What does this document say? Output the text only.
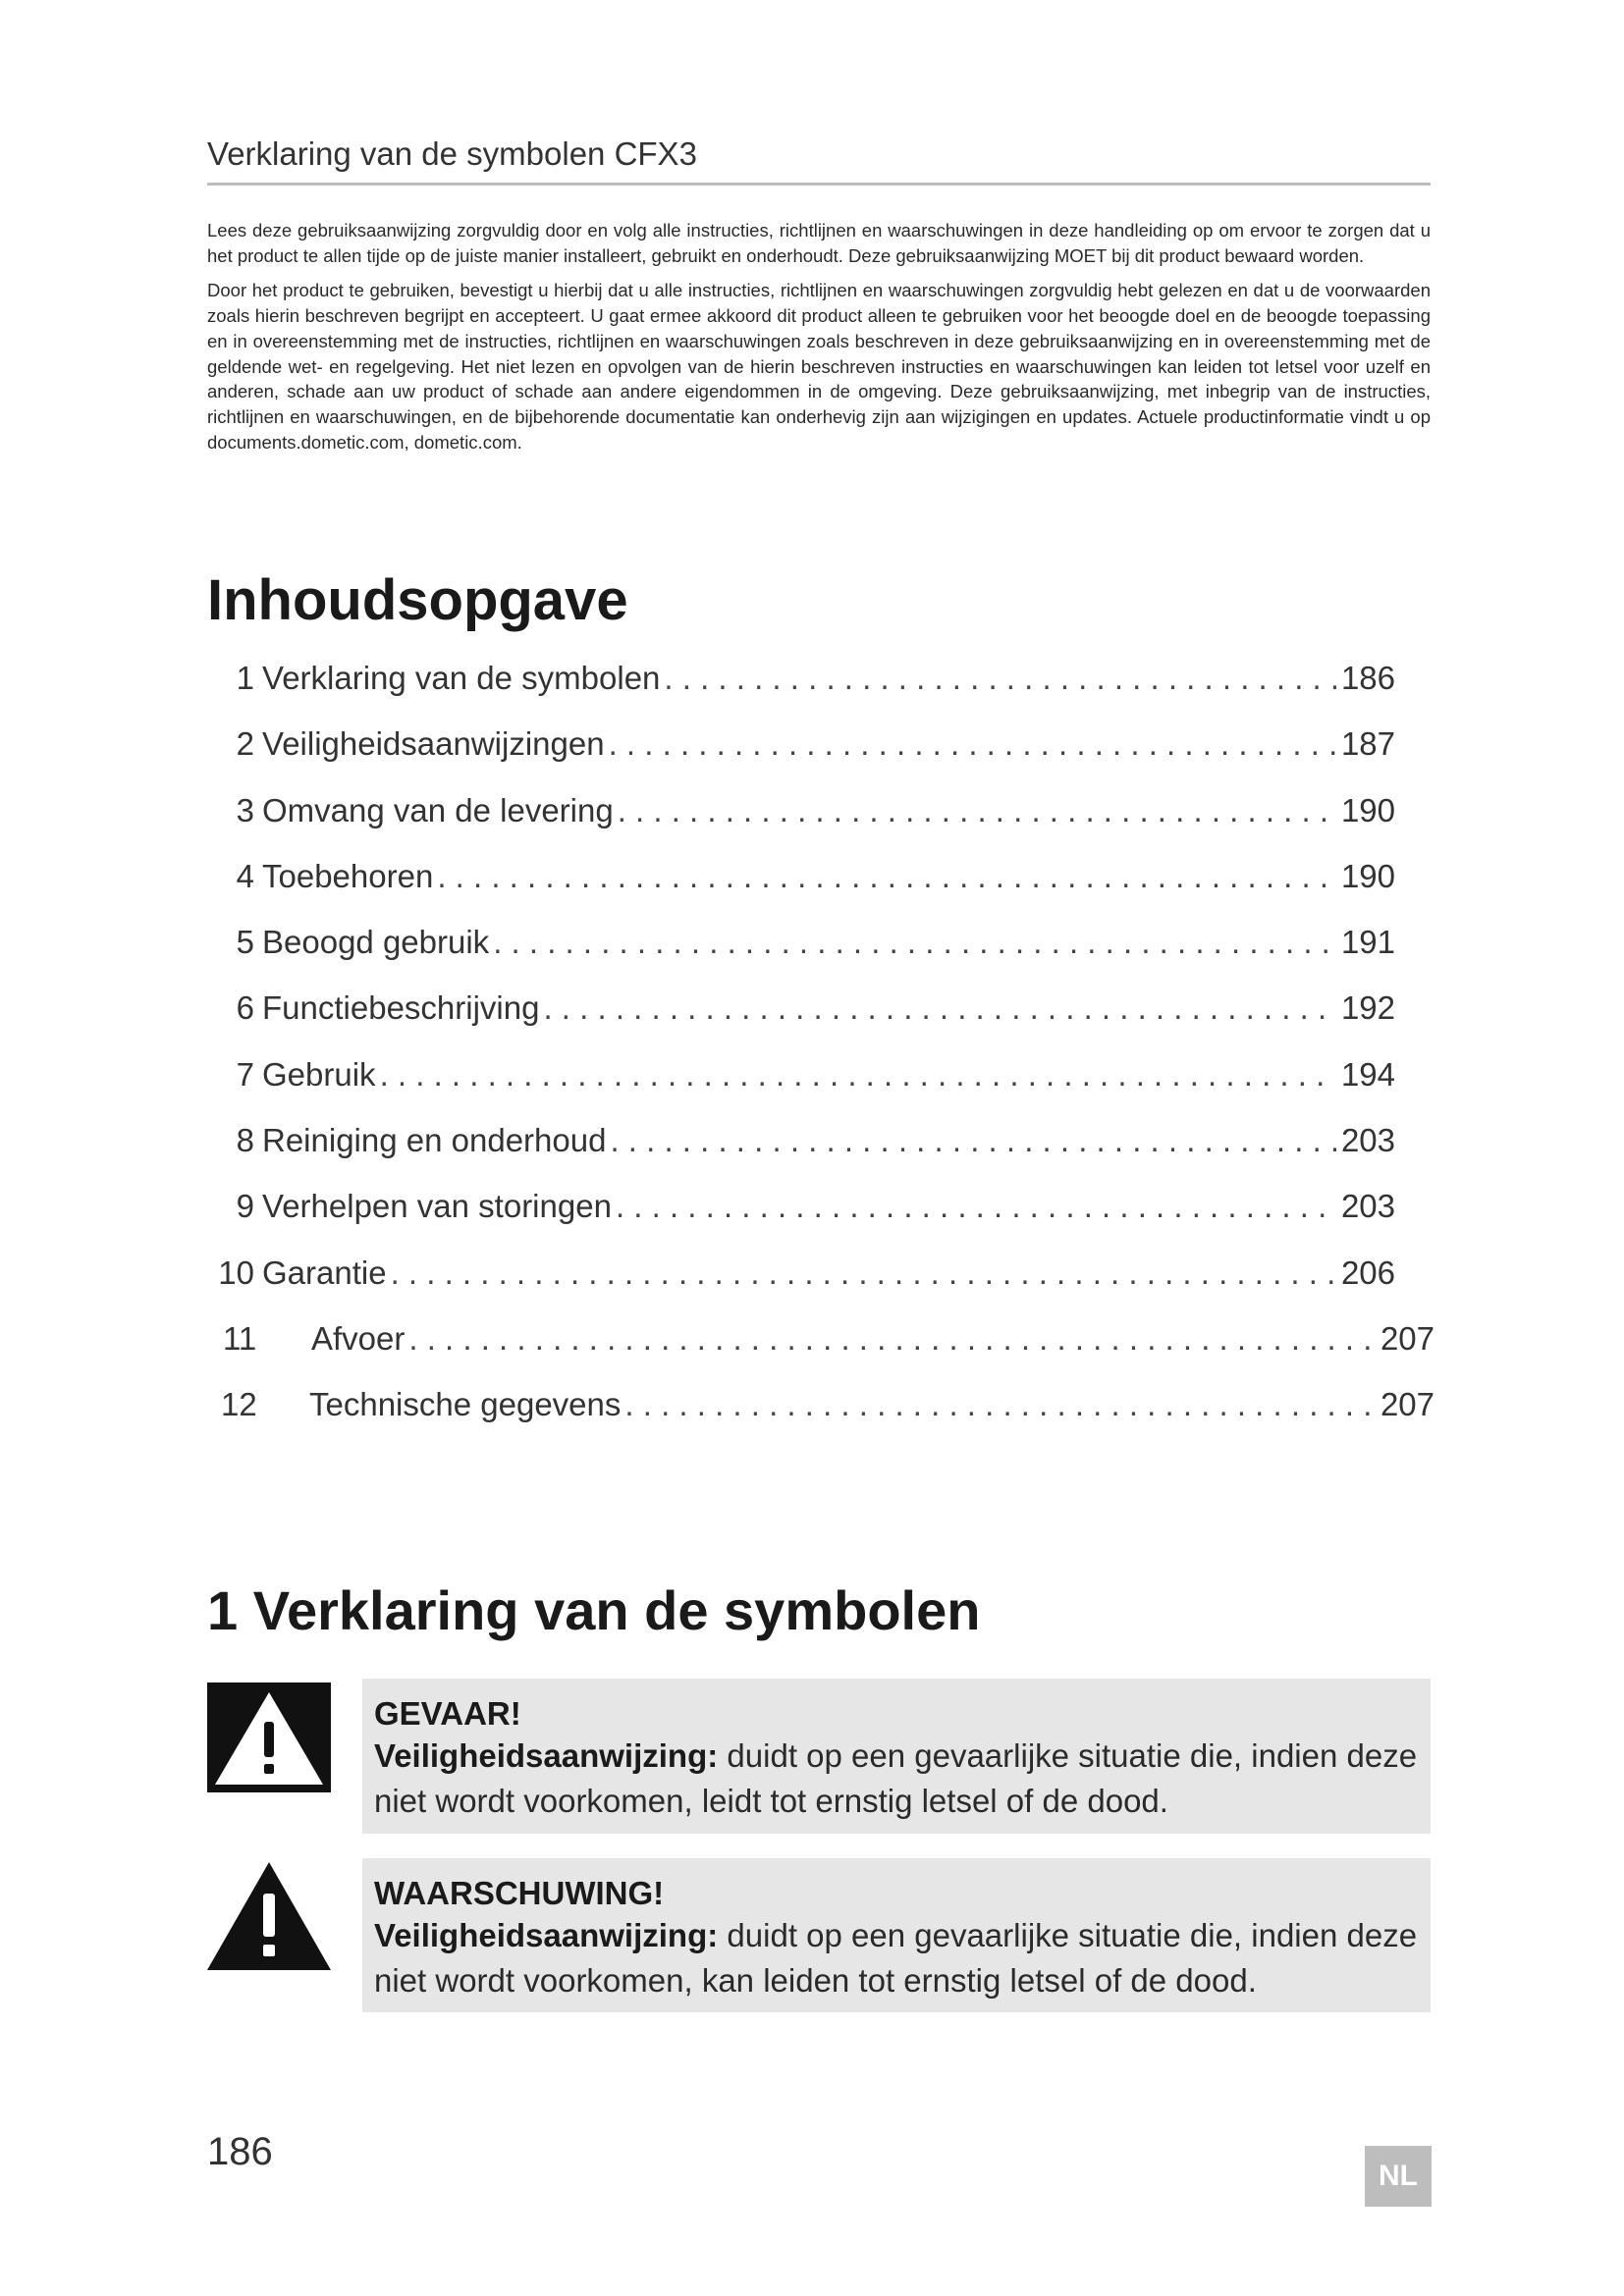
Verklaring van de symbolen CFX3

Lees deze gebruiksaanwijzing zorgvuldig door en volg alle instructies, richtlijnen en waarschuwingen in deze handleiding op om ervoor te zorgen dat u het product te allen tijde op de juiste manier installeert, gebruikt en onderhoudt. Deze gebruiksaanwijzing MOET bij dit product bewaard worden.

Door het product te gebruiken, bevestigt u hierbij dat u alle instructies, richtlijnen en waarschuwingen zorgvuldig hebt gelezen en dat u de voorwaarden zoals hierin beschreven begrijpt en accepteert. U gaat ermee akkoord dit product alleen te gebruiken voor het beoogde doel en de beoogde toepassing en in overeenstemming met de instructies, richtlijnen en waarschuwingen zoals beschreven in deze gebruiksaanwijzing en in overeenstemming met de geldende wet- en regelgeving. Het niet lezen en opvolgen van de hierin beschreven instructies en waarschuwingen kan leiden tot letsel voor uzelf en anderen, schade aan uw product of schade aan andere eigendommen in de omgeving. Deze gebruiksaanwijzing, met inbegrip van de instructies, richtlijnen en waarschuwingen, en de bijbehorende documentatie kan onderhevig zijn aan wijzigingen en updates. Actuele productinformatie vindt u op documents.dometic.com, dometic.com.

Inhoudsopgave
1 Verklaring van de symbolen . . .	186
2 Veiligheidsaanwijzingen . . .	187
3 Omvang van de levering . . .	190
4 Toebehoren . . .	190
5 Beoogd gebruik . . .	191
6 Functiebeschrijving . . .	192
7 Gebruik . . .	194
8 Reiniging en onderhoud . . .	203
9 Verhelpen van storingen . . .	203
10 Garantie . . .	206
11	Afvoer . . .	207
12	Technische gegevens . . .	207
1 Verklaring van de symbolen
GEVAAR!
Veiligheidsaanwijzing: duidt op een gevaarlijke situatie die, indien deze niet wordt voorkomen, leidt tot ernstig letsel of de dood.
WAARSCHUWING!
Veiligheidsaanwijzing: duidt op een gevaarlijke situatie die, indien deze niet wordt voorkomen, kan leiden tot ernstig letsel of de dood.
186
NL
